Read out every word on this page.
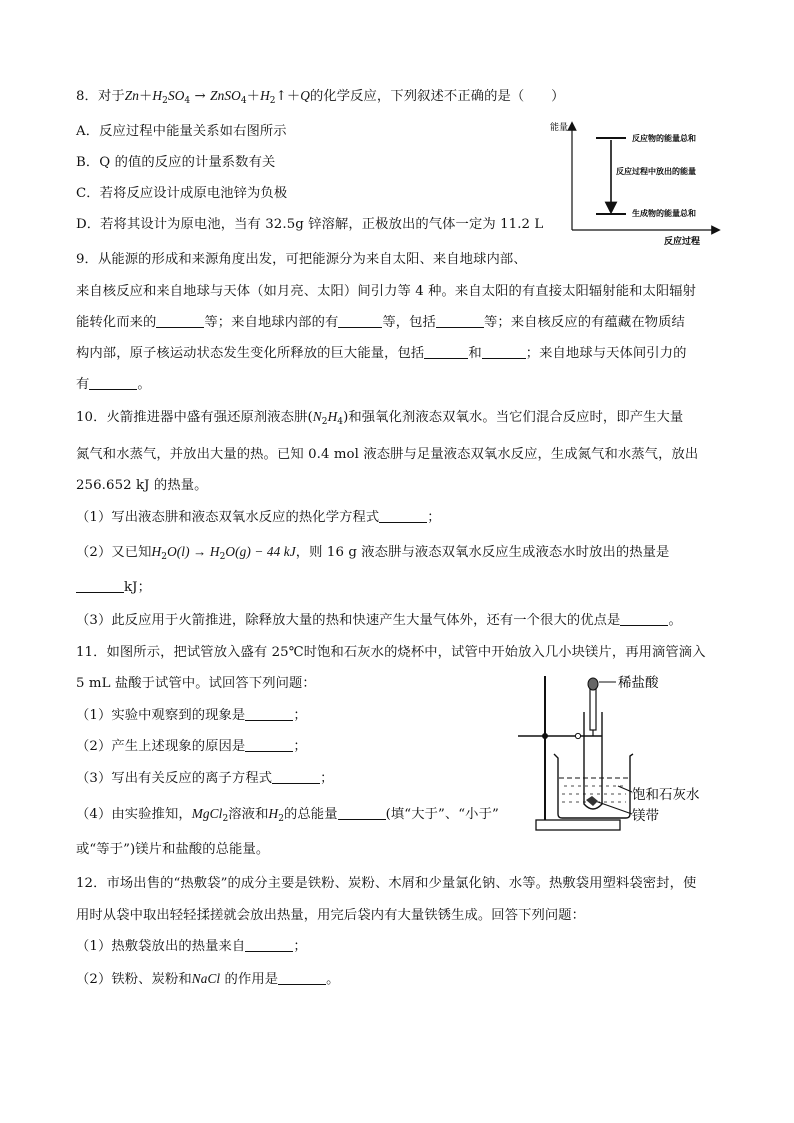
8．对于$Zn+H_2SO_4$ → $ZnSO_4+H_2↑+Q$的化学反应，下列叙述不正确的是（　　）
A．反应过程中能量关系如右图所示
B．Q 的值的反应的计量系数有关
C．若将反应设计成原电池锌为负极
D．若将其设计为原电池，当有 32.5g 锌溶解，正极放出的气体一定为 11.2 L
能量
反应过程
反应物的能量总和
反应过程中放出的能量
生成物的能量总和
9．从能源的形成和来源角度出发，可把能源分为来自太阳、来自地球内部、
来自核反应和来自地球与天体（如月亮、太阳）间引力等 4 种。来自太阳的有直接太阳辐射能和太阳辐射
能转化而来的	等；来自地球内部的有	等，包括	等；来自核反应的有蕴藏在物质结
构内部，原子核运动状态发生变化所释放的巨大能量，包括	和	；来自地球与天体间引力的
有	。
10．火箭推进器中盛有强还原剂液态肼$(N_2H_4)$和强氧化剂液态双氧水。当它们混合反应时，即产生大量
氮气和水蒸气，并放出大量的热。已知 0.4 mol 液态肼与足量液态双氧水反应，生成氮气和水蒸气，放出
256.652 kJ 的热量。
（1）写出液态肼和液态双氧水反应的热化学方程式	；
（2）又已知$H_2O(l) \to H_2O(g) - 44$ kJ，则 16 g 液态肼与液态双氧水反应生成液态水时放出的热量是
kJ；
（3）此反应用于火箭推进，除释放大量的热和快速产生大量气体外，还有一个很大的优点是	。
11．如图所示，把试管放入盛有 25℃时饱和石灰水的烧杯中，试管中开始放入几小块镁片，再用滴管滴入
5 mL 盐酸于试管中。试回答下列问题：
（1）实验中观察到的现象是	；
（2）产生上述现象的原因是	；
（3）写出有关反应的离子方程式	；
（4）由实验推知，MgCl$_2$溶液和$H_2$的总能量	(填“大于”、“小于”
或“等于”)镁片和盐酸的总能量。
稀盐酸
饱和石灰水
镁带
12．市场出售的“热敷袋”的成分主要是铁粉、炭粉、木屑和少量氯化钠、水等。热敷袋用塑料袋密封，使
用时从袋中取出轻轻揉搓就会放出热量，用完后袋内有大量铁锈生成。回答下列问题：
（1）热敷袋放出的热量来自	；
（2）铁粉、炭粉和NaCl 的作用是	。
